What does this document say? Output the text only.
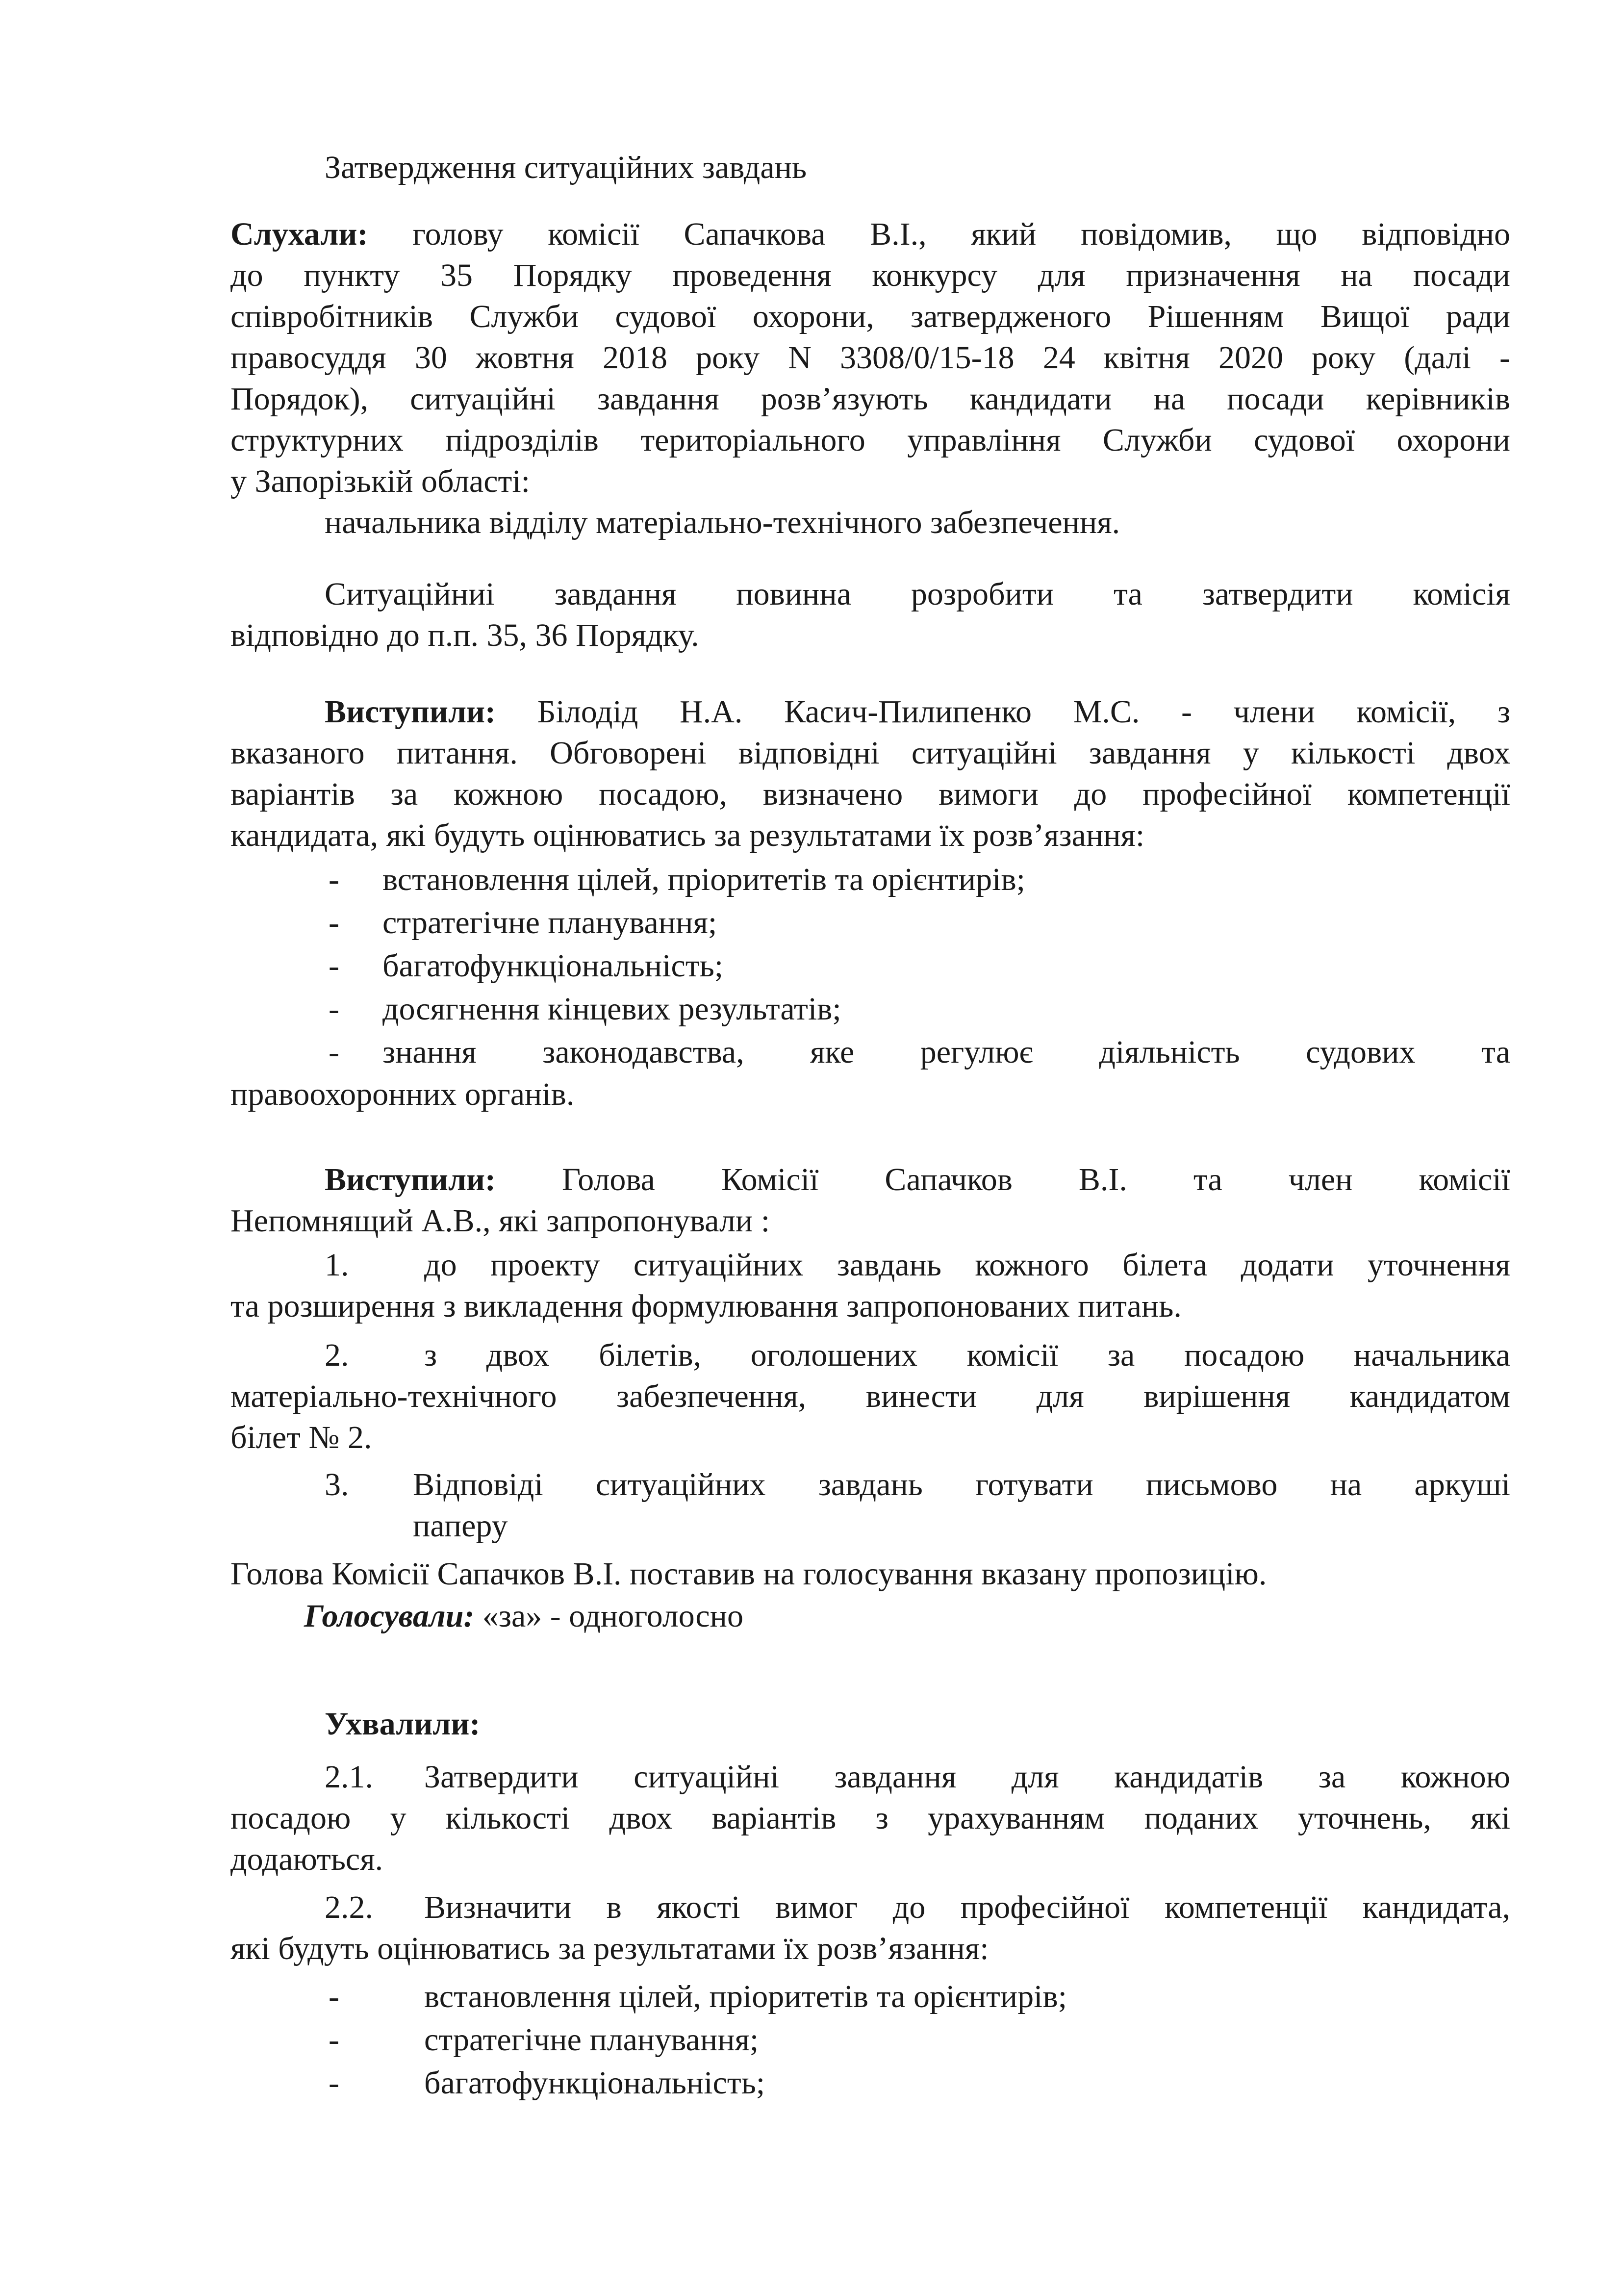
Затвердження ситуаційних завдань
Слухали: голову комісії Сапачкова В.І., який повідомив, що відповідно
до пункту 35 Порядку проведення конкурсу для призначення на посади
співробітників Служби судової охорони, затвердженого Рішенням Вищої ради
правосуддя 30 жовтня 2018 року N 3308/0/15-18 24 квітня 2020 року (далі -
Порядок), ситуаційні завдання розв’язують кандидати на посади керівників
структурних підрозділів територіального управління Служби судової охорони
у Запорізькій області:
начальника відділу матеріально-технічного забезпечення.
Ситуаційниі завдання повинна розробити та затвердити комісія
відповідно до п.п. 35, 36 Порядку.
Виступили: Білодід Н.А. Касич-Пилипенко М.С. - члени комісії, з
вказаного питання. Обговорені відповідні ситуаційні завдання у кількості двох
варіантів за кожною посадою, визначено вимоги до професійної компетенції
кандидата, які будуть оцінюватись за результатами їх розв’язання:
- встановлення цілей, пріоритетів та орієнтирів;
- стратегічне планування;
- багатофункціональність;
- досягнення кінцевих результатів;
- знання законодавства, яке регулює діяльність судових та
правоохоронних органів.
Виступили: Голова Комісії Сапачков В.І. та член комісії
Непомнящий А.В., які запропонували :
1. до проекту ситуаційних завдань кожного білета додати уточнення
та розширення з викладення формулювання запропонованих питань.
2. з двох білетів, оголошених комісії за посадою начальника
матеріально-технічного забезпечення, винести для вирішення кандидатом
білет № 2.
3. Відповіді ситуаційних завдань готувати письмово на аркуші
паперу
Голова Комісії Сапачков В.І. поставив на голосування вказану пропозицію.
Голосували: «за» - одноголосно
Ухвалили:
2.1. Затвердити ситуаційні завдання для кандидатів за кожною
посадою у кількості двох варіантів з урахуванням поданих уточнень, які
додаються.
2.2. Визначити в якості вимог до професійної компетенції кандидата,
які будуть оцінюватись за результатами їх розв’язання:
-	встановлення цілей, пріоритетів та орієнтирів;
-	стратегічне планування;
-	багатофункціональність;
